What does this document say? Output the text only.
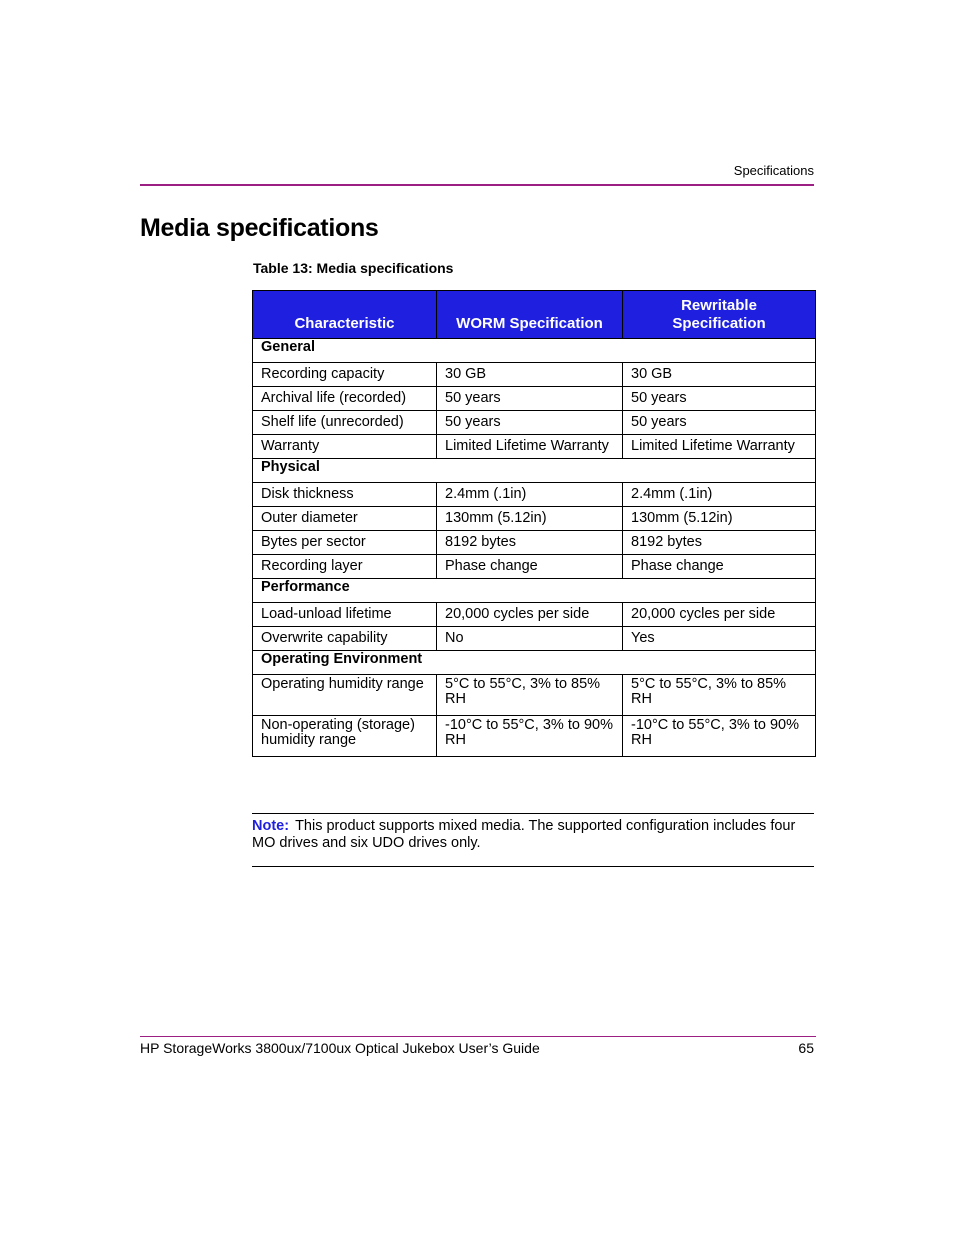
Specifications
Media specifications
Table 13: Media specifications
Characteristic	WORM Specification	Rewritable Specification
General		
Recording capacity	30 GB	30 GB
Archival life (recorded)	50 years	50 years
Shelf life (unrecorded)	50 years	50 years
Warranty	Limited Lifetime Warranty	Limited Lifetime Warranty
Physical		
Disk thickness	2.4mm (.1in)	2.4mm (.1in)
Outer diameter	130mm (5.12in)	130mm (5.12in)
Bytes per sector	8192 bytes	8192 bytes
Recording layer	Phase change	Phase change
Performance		
Load-unload lifetime	20,000 cycles per side	20,000 cycles per side
Overwrite capability	No	Yes
Operating Environment		
Operating humidity range	5°C to 55°C, 3% to 85% RH	5°C to 55°C, 3% to 85% RH
Non-operating (storage) humidity range	-10°C to 55°C, 3% to 90% RH	-10°C to 55°C, 3% to 90% RH
Note: This product supports mixed media. The supported configuration includes four MO drives and six UDO drives only.
HP StorageWorks 3800ux/7100ux Optical Jukebox User’s Guide	65
